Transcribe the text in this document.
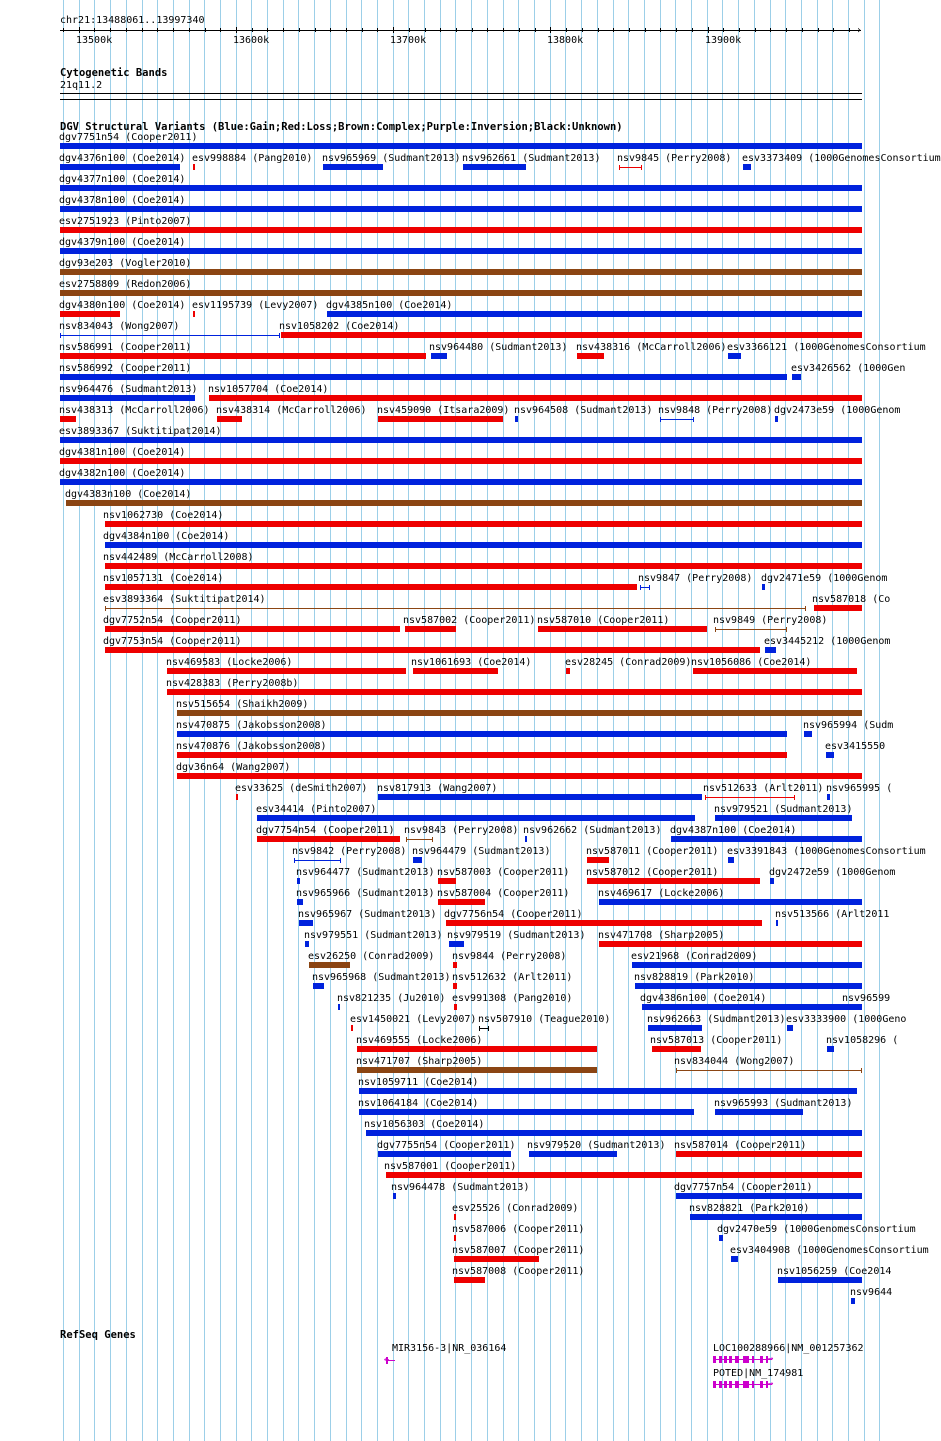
chr21:13488061..13997340
›
13500k	13600k	13700k	13800k	13900k
Cytogenetic Bands
21q11.2
DGV Structural Variants (Blue:Gain;Red:Loss;Brown:Complex;Purple:Inversion;Black:Unknown)
dgv7751n54 (Cooper2011)
dgv4376n100 (Coe2014) esv998884 (Pang2010) nsv965969 (Sudmant2013) nsv962661 (Sudmant2013) nsv9845 (Perry2008) esv3373409 (1000GenomesConsortium
dgv4377n100 (Coe2014)
dgv4378n100 (Coe2014)
esv2751923 (Pinto2007)
dgv4379n100 (Coe2014)
dgv93e203 (Vogler2010)
esv2758809 (Redon2006)
dgv4380n100 (Coe2014) esv1195739 (Levy2007) dgv4385n100 (Coe2014)
nsv834043 (Wong2007)	nsv1058202 (Coe2014)
nsv586991 (Cooper2011)	nsv964480 (Sudmant2013) nsv438316 (McCarroll2006) esv3366121 (1000GenomesConsortium
nsv586992 (Cooper2011)	esv3426562 (1000Gen
nsv964476 (Sudmant2013) nsv1057704 (Coe2014)
nsv438313 (McCarroll2006) nsv438314 (McCarroll2006) nsv459090 (Itsara2009) nsv964508 (Sudmant2013) nsv9848 (Perry2008) dgv2473e59 (1000Genom
esv3893367 (Suktitipat2014)
dgv4381n100 (Coe2014)
dgv4382n100 (Coe2014)
dgv4383n100 (Coe2014)
nsv1062730 (Coe2014)
dgv4384n100 (Coe2014)
nsv442489 (McCarroll2008)
nsv1057131 (Coe2014)	nsv9847 (Perry2008) dgv2471e59 (1000Genom
esv3893364 (Suktitipat2014)	nsv587018 (Co
dgv7752n54 (Cooper2011)	nsv587002 (Cooper2011) nsv587010 (Cooper2011)	nsv9849 (Perry2008)
dgv7753n54 (Cooper2011)	esv3445212 (1000Genom
nsv469583 (Locke2006)	nsv1061693 (Coe2014)	esv28245 (Conrad2009) nsv1056086 (Coe2014)
nsv428383 (Perry2008b)
nsv515654 (Shaikh2009)
nsv470875 (Jakobsson2008)	nsv965994 (Sudm
nsv470876 (Jakobsson2008)	esv3415550
dgv36n64 (Wang2007)
esv33625 (deSmith2007) nsv817913 (Wang2007)	nsv512633 (Arlt2011) nsv965995 (
esv34414 (Pinto2007)	nsv979521 (Sudmant2013)
dgv7754n54 (Cooper2011) nsv9843 (Perry2008) nsv962662 (Sudmant2013) dgv4387n100 (Coe2014)
nsv9842 (Perry2008) nsv964479 (Sudmant2013)	nsv587011 (Cooper2011) esv3391843 (1000GenomesConsortium
nsv964477 (Sudmant2013) nsv587003 (Cooper2011) nsv587012 (Cooper2011)	dgv2472e59 (1000Genom
nsv965966 (Sudmant2013) nsv587004 (Cooper2011)	nsv469617 (Locke2006)
nsv965967 (Sudmant2013) dgv7756n54 (Cooper2011)	nsv513566 (Arlt2011
nsv979551 (Sudmant2013) nsv979519 (Sudmant2013) nsv471708 (Sharp2005)
esv26250 (Conrad2009) nsv9844 (Perry2008)	esv21968 (Conrad2009)
nsv965968 (Sudmant2013) nsv512632 (Arlt2011)	nsv828819 (Park2010)
nsv821235 (Ju2010) esv991308 (Pang2010)	dgv4386n100 (Coe2014)	nsv96599
esv1450021 (Levy2007) nsv507910 (Teague2010)	nsv962663 (Sudmant2013) esv3333900 (1000Geno
nsv469555 (Locke2006)	nsv587013 (Cooper2011)	nsv1058296 (
nsv471707 (Sharp2005)	nsv834044 (Wong2007)
nsv1059711 (Coe2014)
nsv1064184 (Coe2014)	nsv965993 (Sudmant2013)
nsv1056303 (Coe2014)
dgv7755n54 (Cooper2011) nsv979520 (Sudmant2013) nsv587014 (Cooper2011)
nsv587001 (Cooper2011)
nsv964478 (Sudmant2013)	dgv7757n54 (Cooper2011)
esv25526 (Conrad2009)	nsv828821 (Park2010)
nsv587006 (Cooper2011)	dgv2470e59 (1000GenomesConsortium
nsv587007 (Cooper2011)	esv3404908 (1000GenomesConsortium
nsv587008 (Cooper2011)	nsv1056259 (Coe2014
nsv9644
RefSeq Genes
MIR3156-3|NR_036164	LOC100288966|NM_001257362
POTED|NM_174981
←	→
→
